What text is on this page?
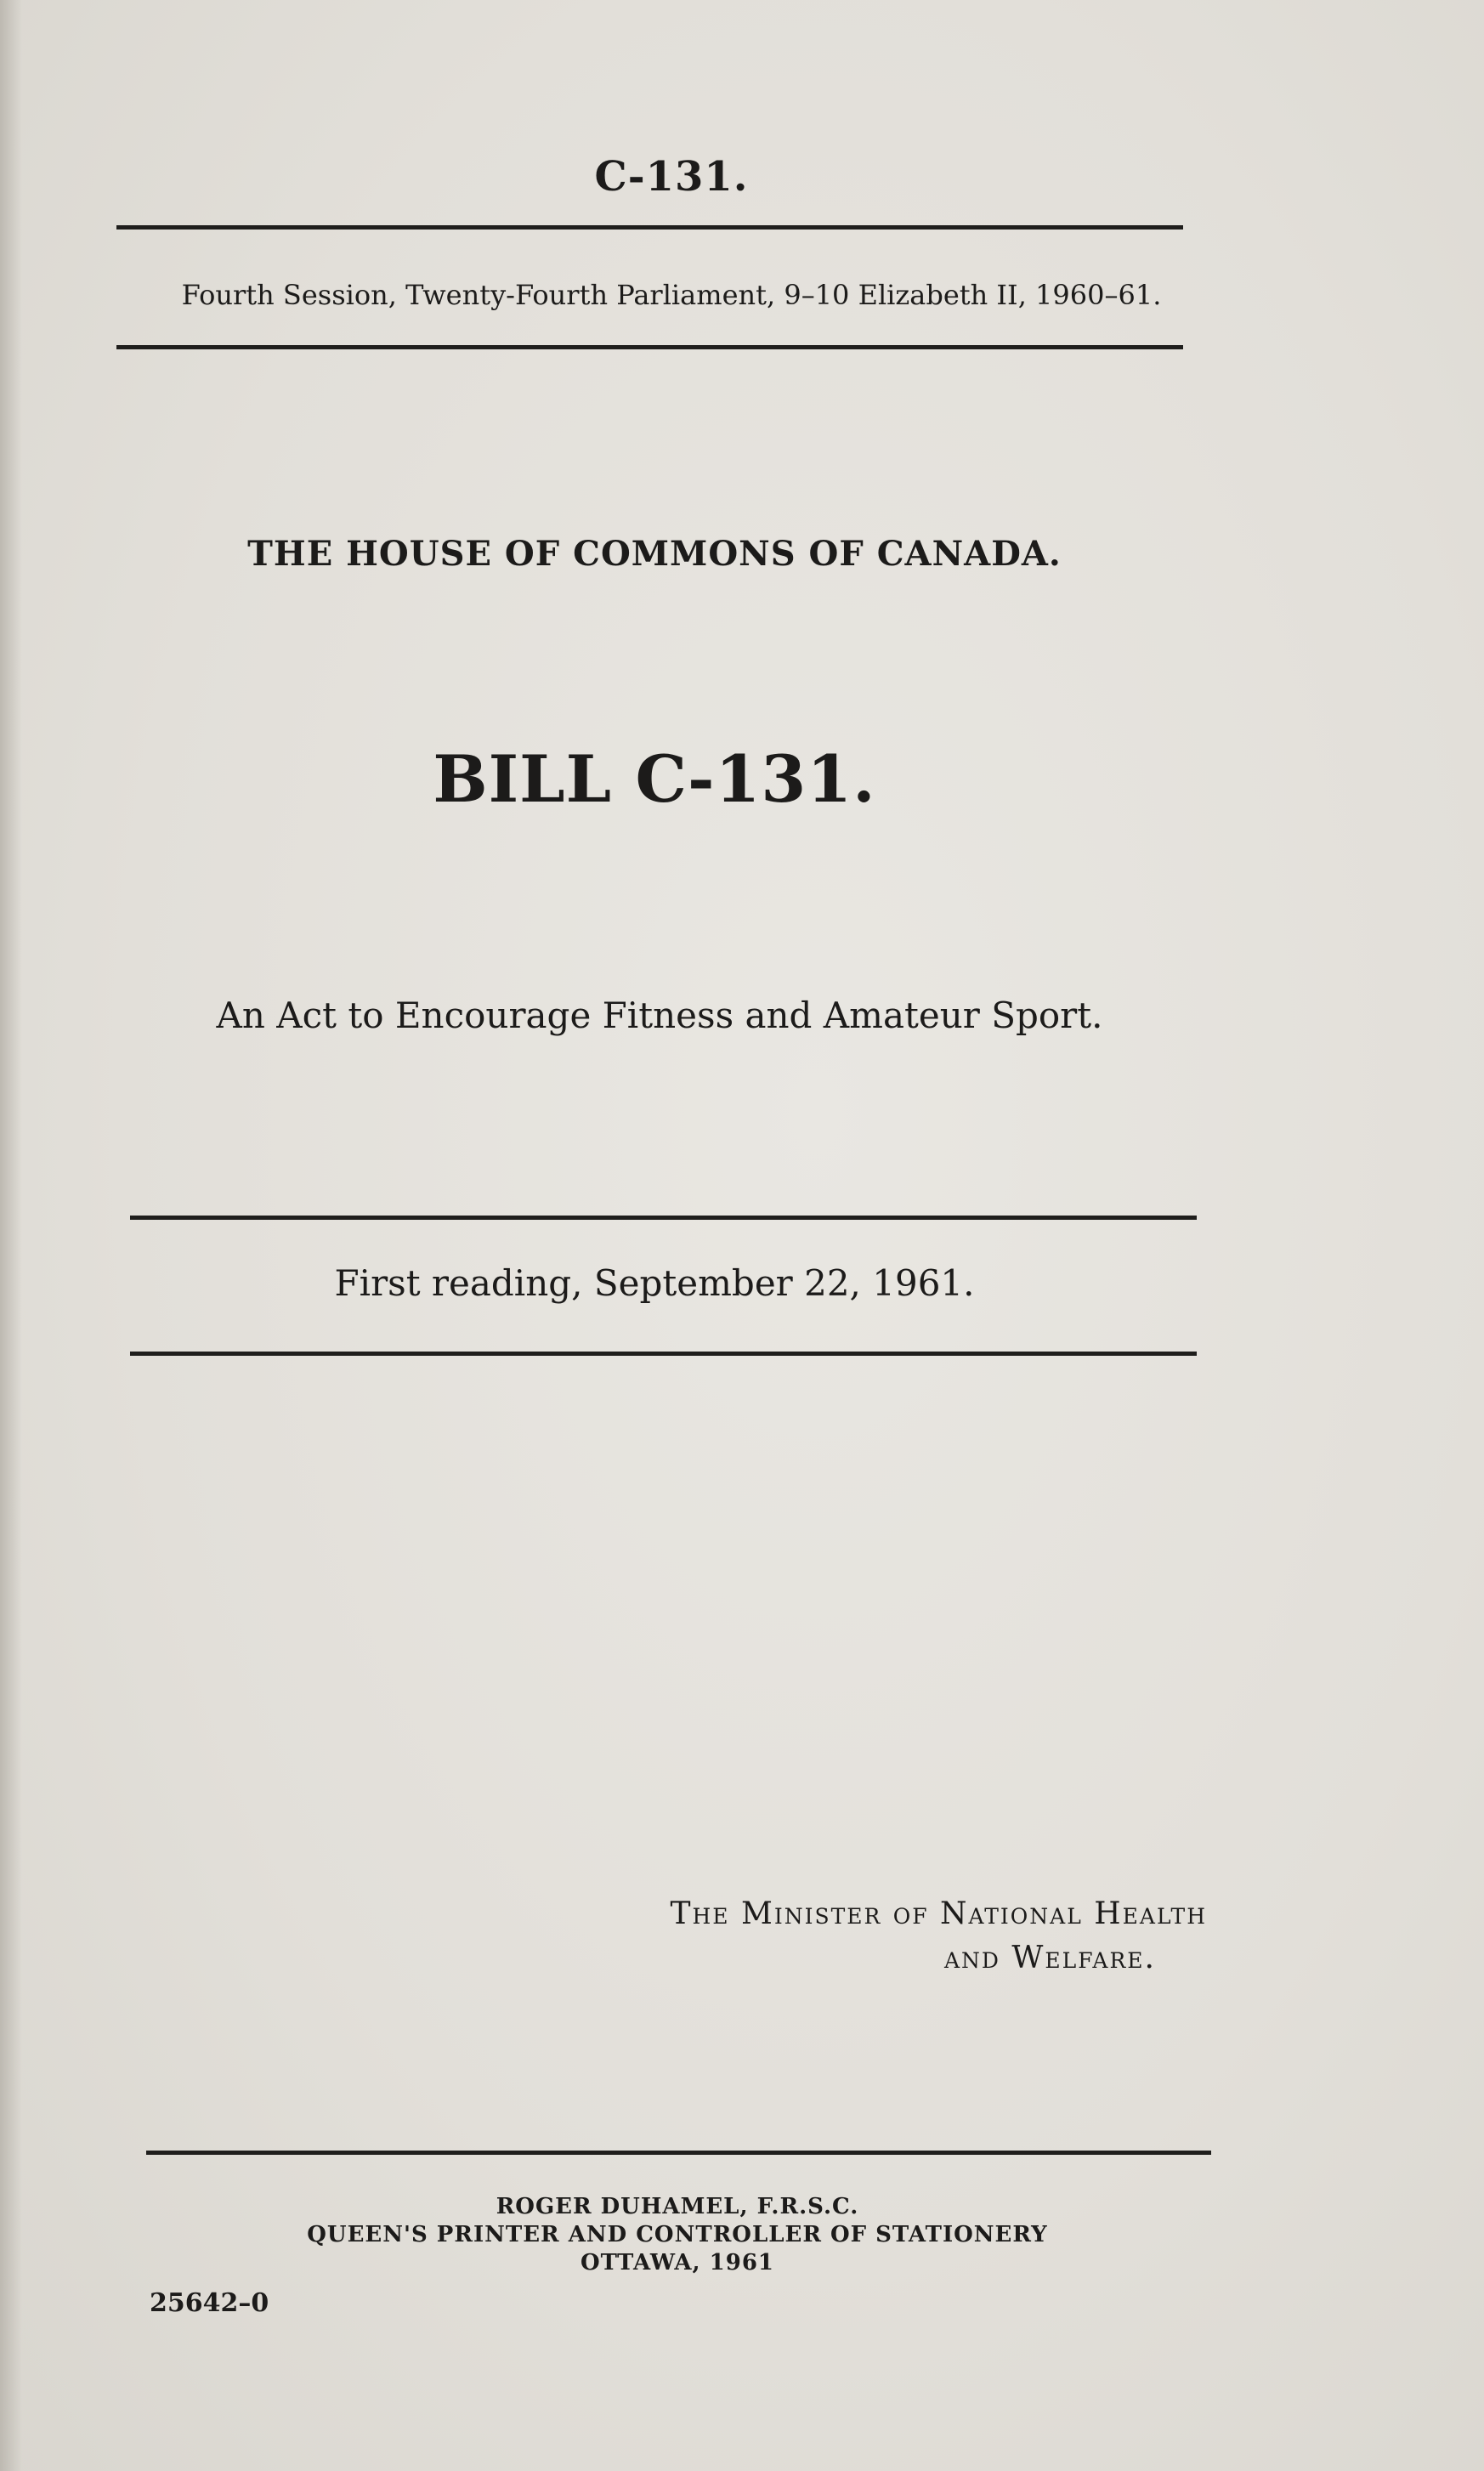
C-131.
Fourth Session, Twenty-Fourth Parliament, 9–10 Elizabeth II, 1960–61.
THE HOUSE OF COMMONS OF CANADA.
BILL C-131.
An Act to Encourage Fitness and Amateur Sport.
First reading, September 22, 1961.
The Minister of National Health
and Welfare.
ROGER DUHAMEL, F.R.S.C.
QUEEN'S PRINTER AND CONTROLLER OF STATIONERY
OTTAWA, 1961
25642–0
